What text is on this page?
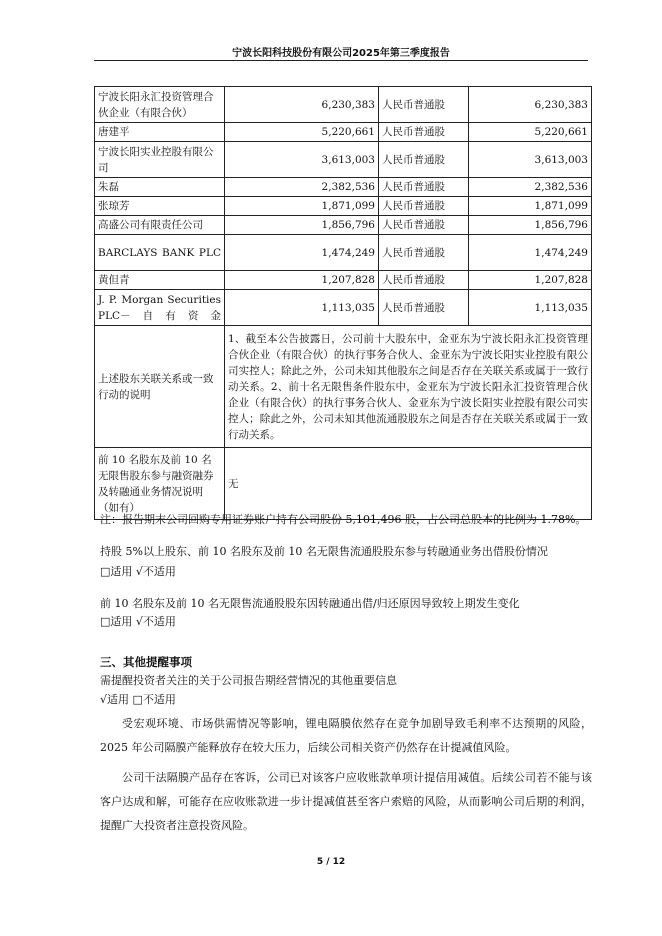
宁波长阳科技股份有限公司2025年第三季度报告
宁波长阳永汇投资管理合伙企业（有限合伙）	6,230,383	人民币普通股	6,230,383
唐建平	5,220,661	人民币普通股	5,220,661
宁波长阳实业控股有限公司	3,613,003	人民币普通股	3,613,003
朱磊	2,382,536	人民币普通股	2,382,536
张琼芳	1,871,099	人民币普通股	1,871,099
高盛公司有限责任公司	1,856,796	人民币普通股	1,856,796
BARCLAYS BANK PLC	1,474,249	人民币普通股	1,474,249
黄但青	1,207,828	人民币普通股	1,207,828
J. P. Morgan Securities PLC－自有资金	1,113,035	人民币普通股	1,113,035
上述股东关联关系或一致行动的说明	1、截至本公告披露日，公司前十大股东中，金亚东为宁波长阳永汇投资管理合伙企业（有限合伙）的执行事务合伙人、金亚东为宁波长阳实业控股有限公司实控人；除此之外，公司未知其他股东之间是否存在关联关系或属于一致行动关系。2、前十名无限售条件股东中，金亚东为宁波长阳永汇投资管理合伙企业（有限合伙）的执行事务合伙人、金亚东为宁波长阳实业控股有限公司实控人；除此之外，公司未知其他流通股股东之间是否存在关联关系或属于一致行动关系。		
前 10 名股东及前 10 名无限售股东参与融资融券及转融通业务情况说明（如有）	无		
注：报告期末公司回购专用证券账户持有公司股份 5,101,496 股，占公司总股本的比例为 1.78%。
持股 5%以上股东、前 10 名股东及前 10 名无限售流通股股东参与转融通业务出借股份情况
□适用 √不适用
前 10 名股东及前 10 名无限售流通股股东因转融通出借/归还原因导致较上期发生变化
□适用 √不适用
三、其他提醒事项
需提醒投资者关注的关于公司报告期经营情况的其他重要信息
√适用 □不适用
受宏观环境、市场供需情况等影响，锂电隔膜依然存在竞争加剧导致毛利率不达预期的风险，2025 年公司隔膜产能释放存在较大压力，后续公司相关资产仍然存在计提减值风险。
公司干法隔膜产品存在客诉，公司已对该客户应收账款单项计提信用减值。后续公司若不能与该客户达成和解，可能存在应收账款进一步计提减值甚至客户索赔的风险，从而影响公司后期的利润，提醒广大投资者注意投资风险。
5 / 12
